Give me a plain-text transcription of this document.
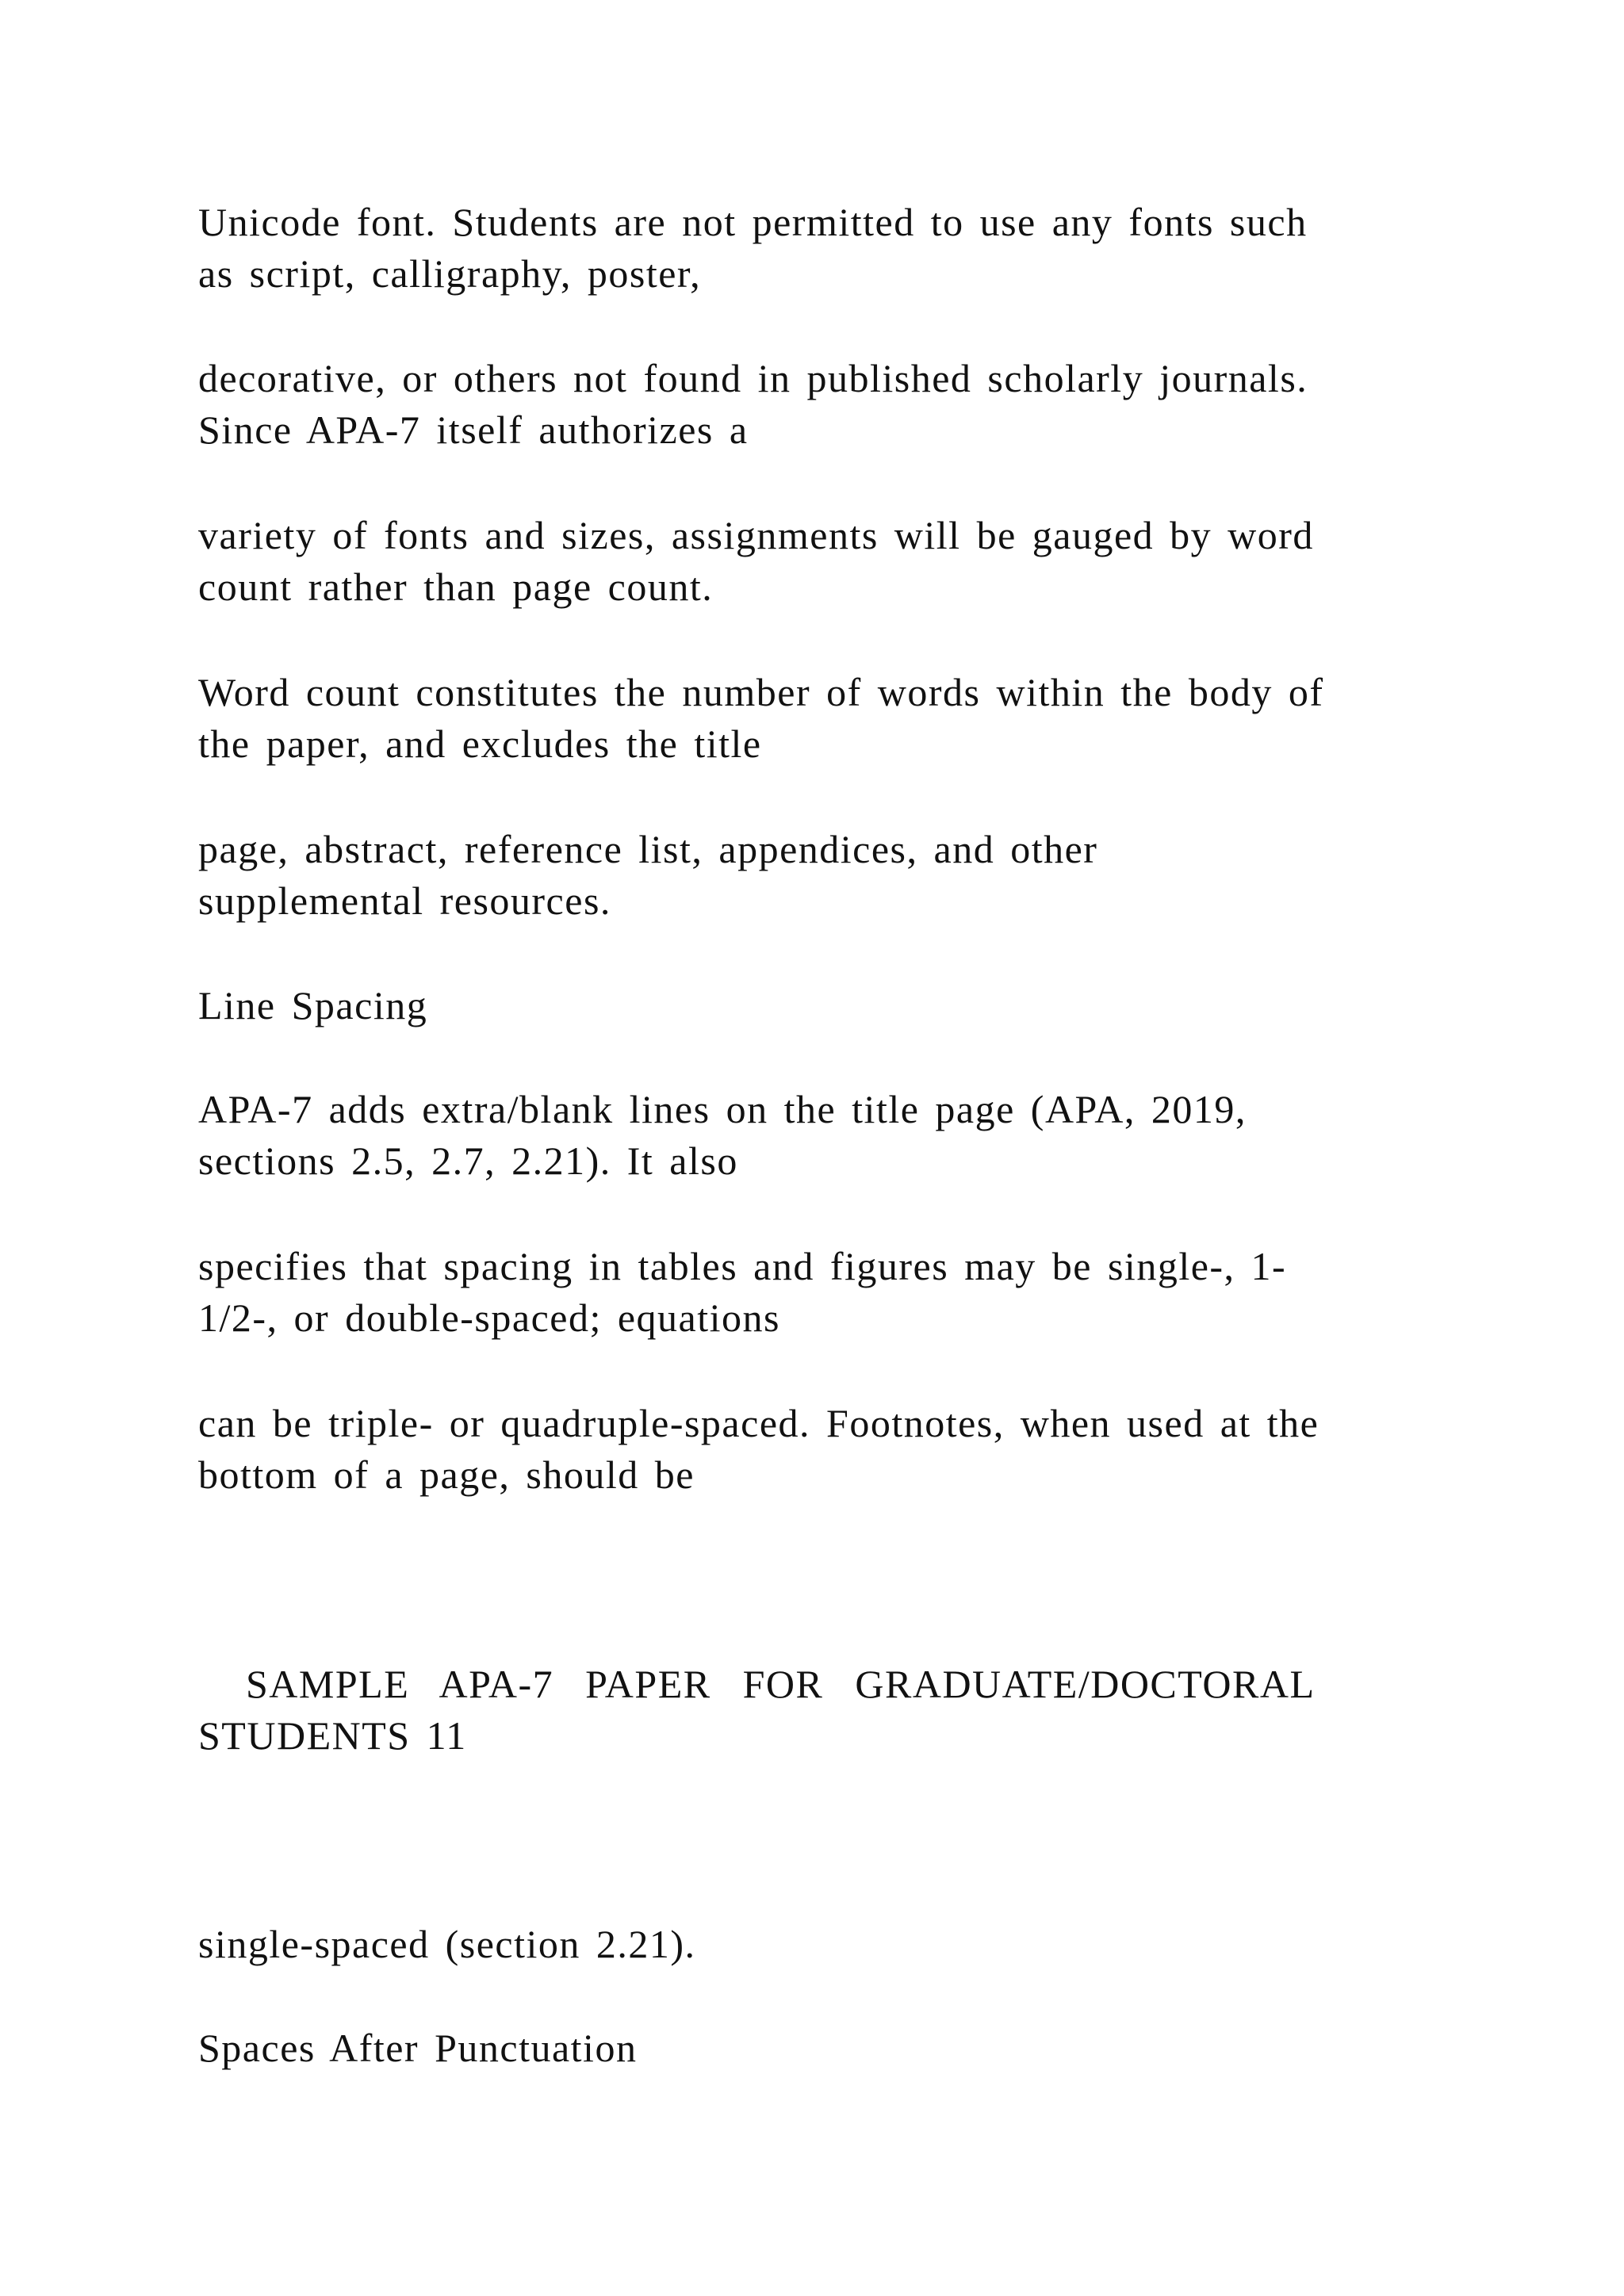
Unicode font. Students are not permitted to use any fonts such
as script, calligraphy, poster,

decorative, or others not found in published scholarly journals.
Since APA-7 itself authorizes a

variety of fonts and sizes, assignments will be gauged by word
count rather than page count.

Word count constitutes the number of words within the body of
the paper, and excludes the title

page, abstract, reference list, appendices, and other
supplemental resources.

Line Spacing

APA-7 adds extra/blank lines on the title page (APA, 2019,
sections 2.5, 2.7, 2.21). It also

specifies that spacing in tables and figures may be single-, 1-
1/2-, or double-spaced; equations

can be triple- or quadruple-spaced. Footnotes, when used at the
bottom of a page, should be

SAMPLE  APA-7  PAPER  FOR  GRADUATE/DOCTORAL
STUDENTS 11

single-spaced (section 2.21).

Spaces After Punctuation
